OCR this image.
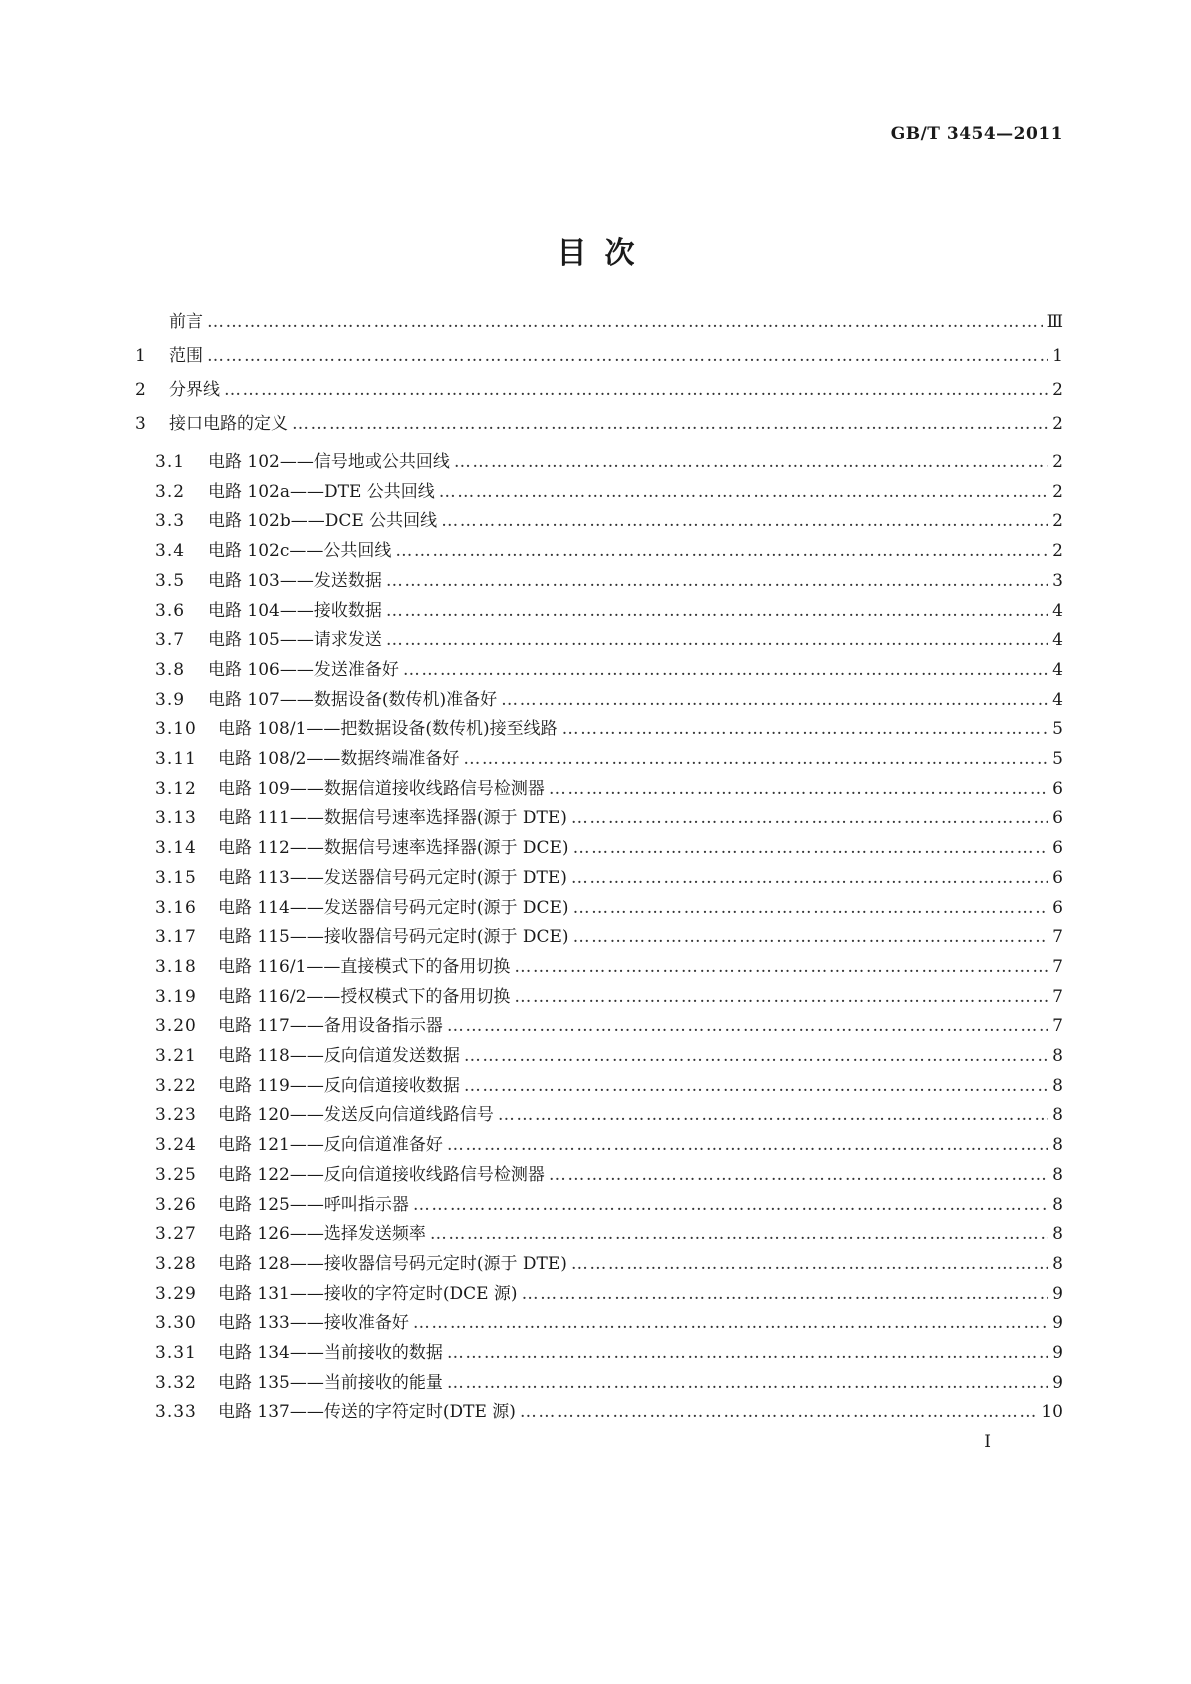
GB/T 3454—2011
目 次
前言 …………………………………………………………………………………………………………………………………………………………………………………………	Ⅲ
1	范围 …………………………………………………………………………………………………………………………………………………………………………………………	1
2	分界线 …………………………………………………………………………………………………………………………………………………………………………………………	2
3	接口电路的定义 …………………………………………………………………………………………………………………………………………………………………………………………	2
3.1	电路 102——信号地或公共回线 …………………………………………………………………………………………………………………………………………………………………………………………	2
3.2	电路 102a——DTE 公共回线 …………………………………………………………………………………………………………………………………………………………………………………………	2
3.3	电路 102b——DCE 公共回线 …………………………………………………………………………………………………………………………………………………………………………………………	2
3.4	电路 102c——公共回线 …………………………………………………………………………………………………………………………………………………………………………………………	2
3.5	电路 103——发送数据 …………………………………………………………………………………………………………………………………………………………………………………………	3
3.6	电路 104——接收数据 …………………………………………………………………………………………………………………………………………………………………………………………	4
3.7	电路 105——请求发送 …………………………………………………………………………………………………………………………………………………………………………………………	4
3.8	电路 106——发送准备好 …………………………………………………………………………………………………………………………………………………………………………………………	4
3.9	电路 107——数据设备(数传机)准备好 …………………………………………………………………………………………………………………………………………………………………………………………	4
3.10	电路 108/1——把数据设备(数传机)接至线路 …………………………………………………………………………………………………………………………………………………………………………………………	5
3.11	电路 108/2——数据终端准备好 …………………………………………………………………………………………………………………………………………………………………………………………	5
3.12	电路 109——数据信道接收线路信号检测器 …………………………………………………………………………………………………………………………………………………………………………………………	6
3.13	电路 111——数据信号速率选择器(源于 DTE) …………………………………………………………………………………………………………………………………………………………………………………………	6
3.14	电路 112——数据信号速率选择器(源于 DCE) …………………………………………………………………………………………………………………………………………………………………………………………	6
3.15	电路 113——发送器信号码元定时(源于 DTE) …………………………………………………………………………………………………………………………………………………………………………………………	6
3.16	电路 114——发送器信号码元定时(源于 DCE) …………………………………………………………………………………………………………………………………………………………………………………………	6
3.17	电路 115——接收器信号码元定时(源于 DCE) …………………………………………………………………………………………………………………………………………………………………………………………	7
3.18	电路 116/1——直接模式下的备用切换 …………………………………………………………………………………………………………………………………………………………………………………………	7
3.19	电路 116/2——授权模式下的备用切换 …………………………………………………………………………………………………………………………………………………………………………………………	7
3.20	电路 117——备用设备指示器 …………………………………………………………………………………………………………………………………………………………………………………………	7
3.21	电路 118——反向信道发送数据 …………………………………………………………………………………………………………………………………………………………………………………………	8
3.22	电路 119——反向信道接收数据 …………………………………………………………………………………………………………………………………………………………………………………………	8
3.23	电路 120——发送反向信道线路信号 …………………………………………………………………………………………………………………………………………………………………………………………	8
3.24	电路 121——反向信道准备好 …………………………………………………………………………………………………………………………………………………………………………………………	8
3.25	电路 122——反向信道接收线路信号检测器 …………………………………………………………………………………………………………………………………………………………………………………………	8
3.26	电路 125——呼叫指示器 …………………………………………………………………………………………………………………………………………………………………………………………	8
3.27	电路 126——选择发送频率 …………………………………………………………………………………………………………………………………………………………………………………………	8
3.28	电路 128——接收器信号码元定时(源于 DTE) …………………………………………………………………………………………………………………………………………………………………………………………	8
3.29	电路 131——接收的字符定时(DCE 源) …………………………………………………………………………………………………………………………………………………………………………………………	9
3.30	电路 133——接收准备好 …………………………………………………………………………………………………………………………………………………………………………………………	9
3.31	电路 134——当前接收的数据 …………………………………………………………………………………………………………………………………………………………………………………………	9
3.32	电路 135——当前接收的能量 …………………………………………………………………………………………………………………………………………………………………………………………	9
3.33	电路 137——传送的字符定时(DTE 源) …………………………………………………………………………………………………………………………………………………………………………………………	10
I
